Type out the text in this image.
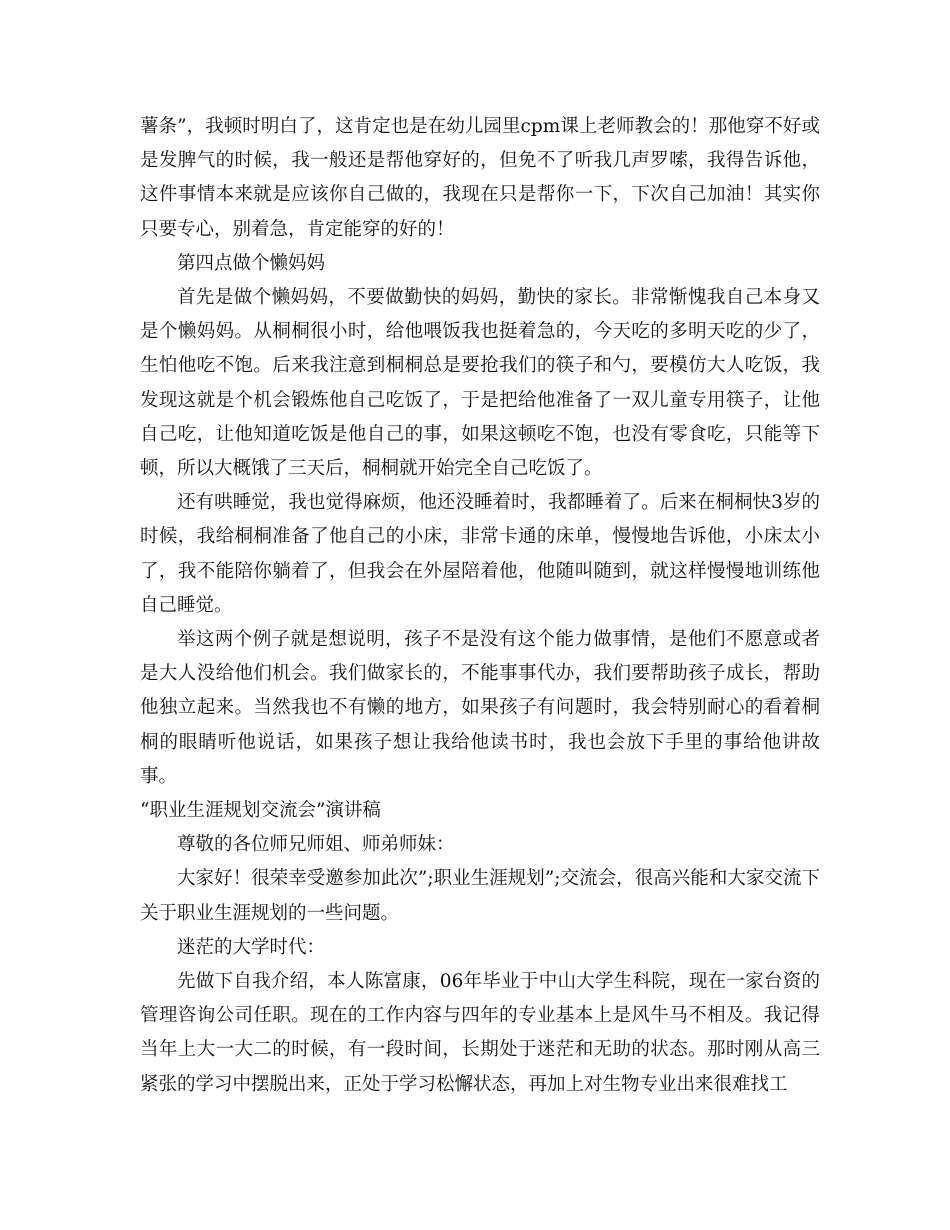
薯条”，我顿时明白了，这肯定也是在幼儿园里cpm课上老师教会的！那他穿不好或是发脾气的时候，我一般还是帮他穿好的，但免不了听我几声罗嗦，我得告诉他，这件事情本来就是应该你自己做的，我现在只是帮你一下，下次自己加油！其实你只要专心，别着急，肯定能穿的好的！

第四点做个懒妈妈

首先是做个懒妈妈，不要做勤快的妈妈，勤快的家长。非常惭愧我自己本身又是个懒妈妈。从桐桐很小时，给他喂饭我也挺着急的，今天吃的多明天吃的少了，生怕他吃不饱。后来我注意到桐桐总是要抢我们的筷子和勺，要模仿大人吃饭，我发现这就是个机会锻炼他自己吃饭了，于是把给他准备了一双儿童专用筷子，让他自己吃，让他知道吃饭是他自己的事，如果这顿吃不饱，也没有零食吃，只能等下顿，所以大概饿了三天后，桐桐就开始完全自己吃饭了。

还有哄睡觉，我也觉得麻烦，他还没睡着时，我都睡着了。后来在桐桐快3岁的时候，我给桐桐准备了他自己的小床，非常卡通的床单，慢慢地告诉他，小床太小了，我不能陪你躺着了，但我会在外屋陪着他，他随叫随到，就这样慢慢地训练他自己睡觉。

举这两个例子就是想说明，孩子不是没有这个能力做事情，是他们不愿意或者是大人没给他们机会。我们做家长的，不能事事代办，我们要帮助孩子成长，帮助他独立起来。当然我也不有懒的地方，如果孩子有问题时，我会特别耐心的看着桐桐的眼睛听他说话，如果孩子想让我给他读书时，我也会放下手里的事给他讲故事。

“职业生涯规划交流会”演讲稿

尊敬的各位师兄师姐、师弟师妹：

大家好！很荣幸受邀参加此次”;职业生涯规划”;交流会，很高兴能和大家交流下关于职业生涯规划的一些问题。

迷茫的大学时代：

先做下自我介绍，本人陈富康，06年毕业于中山大学生科院，现在一家台资的管理咨询公司任职。现在的工作内容与四年的专业基本上是风牛马不相及。我记得当年上大一大二的时候，有一段时间，长期处于迷茫和无助的状态。那时刚从高三紧张的学习中摆脱出来，正处于学习松懈状态，再加上对生物专业出来很难找工
